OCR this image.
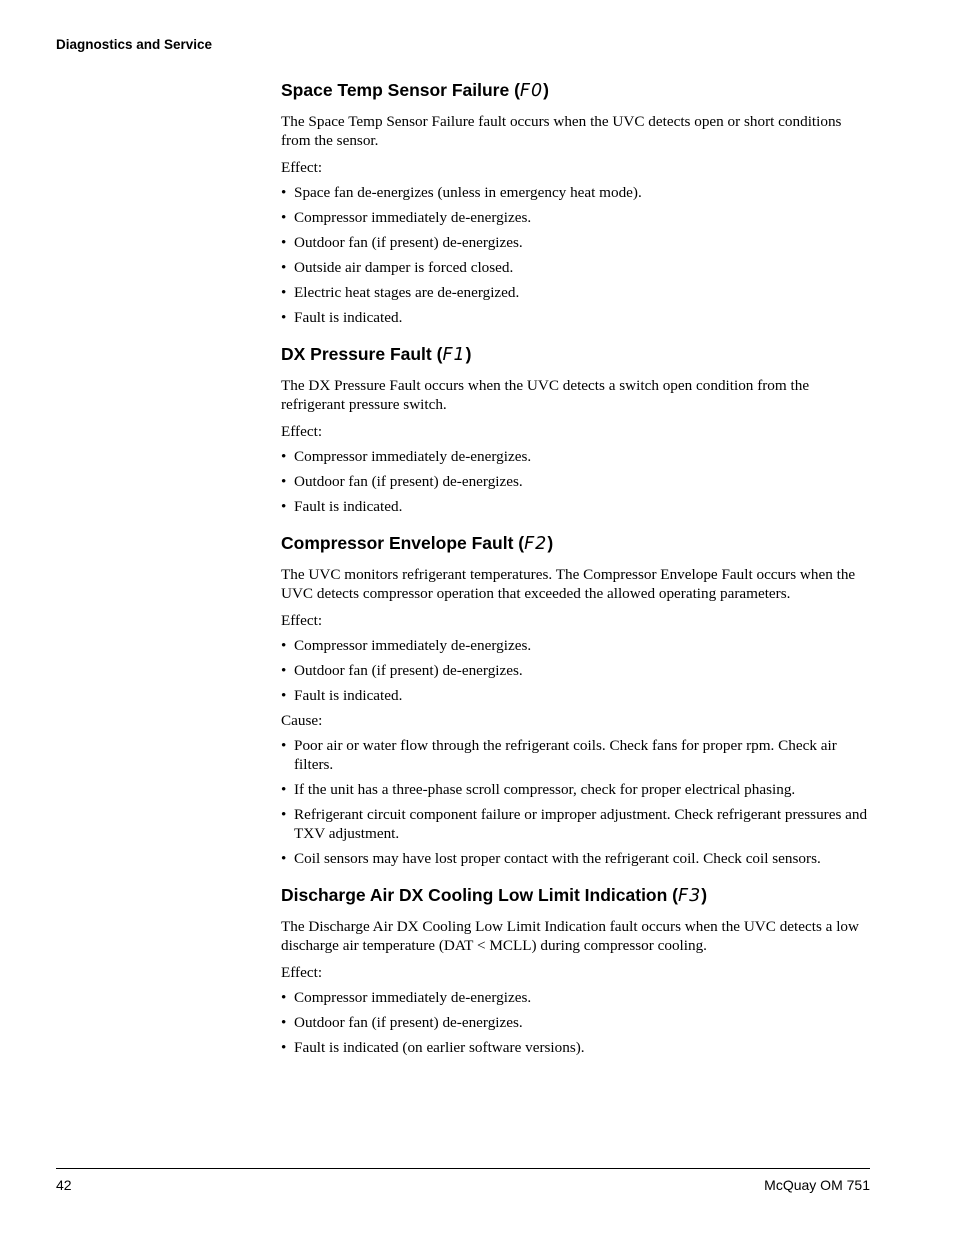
Diagnostics and Service
Space Temp Sensor Failure (F0)

The Space Temp Sensor Failure fault occurs when the UVC detects open or short conditions from the sensor.

Effect:

• Space fan de-energizes (unless in emergency heat mode).
• Compressor immediately de-energizes.
• Outdoor fan (if present) de-energizes.
• Outside air damper is forced closed.
• Electric heat stages are de-energized.
• Fault is indicated.
DX Pressure Fault (F1)

The DX Pressure Fault occurs when the UVC detects a switch open condition from the refrigerant pressure switch.

Effect:

• Compressor immediately de-energizes.
• Outdoor fan (if present) de-energizes.
• Fault is indicated.
Compressor Envelope Fault (F2)

The UVC monitors refrigerant temperatures. The Compressor Envelope Fault occurs when the UVC detects compressor operation that exceeded the allowed operating parameters.

Effect:

• Compressor immediately de-energizes.
• Outdoor fan (if present) de-energizes.
• Fault is indicated.

Cause:

• Poor air or water flow through the refrigerant coils. Check fans for proper rpm. Check air filters.
• If the unit has a three-phase scroll compressor, check for proper electrical phasing.
• Refrigerant circuit component failure or improper adjustment. Check refrigerant pressures and TXV adjustment.
• Coil sensors may have lost proper contact with the refrigerant coil. Check coil sensors.
Discharge Air DX Cooling Low Limit Indication (F3)

The Discharge Air DX Cooling Low Limit Indication fault occurs when the UVC detects a low discharge air temperature (DAT < MCLL) during compressor cooling.

Effect:

• Compressor immediately de-energizes.
• Outdoor fan (if present) de-energizes.
• Fault is indicated (on earlier software versions).
42	McQuay OM 751
